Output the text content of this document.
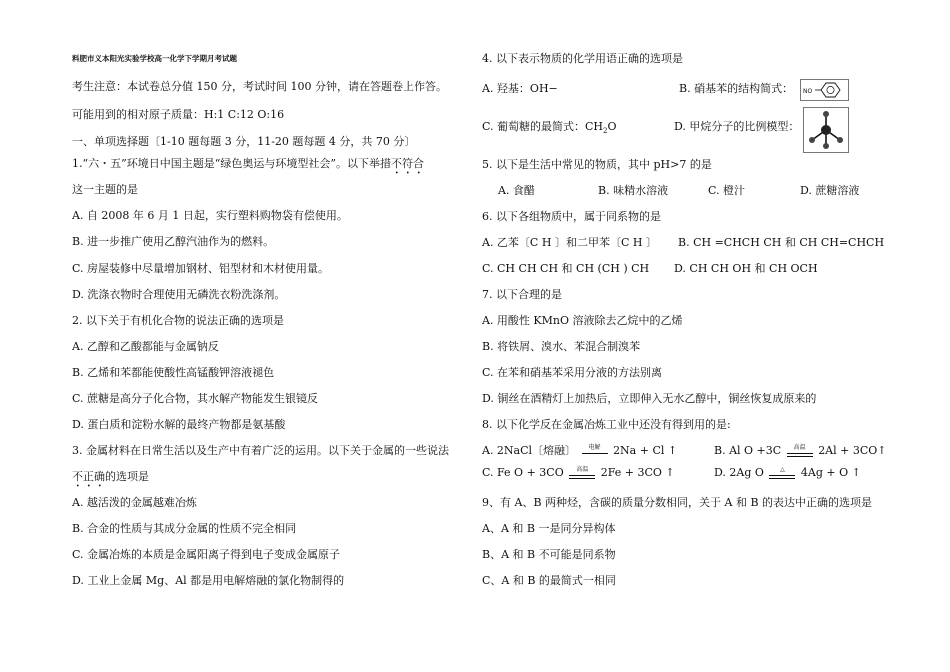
料肥市义本阳光实验学校高一化学下学期月考试题
考生注意：本试卷总分值 150 分，考试时间 100 分钟，请在答题卷上作答。
可能用到的相对原子质量：H:1 C:12 O:16
一、单项选择题〔1-10 题每题 3 分，11-20 题每题 4 分，共 70 分〕
1.“六・五”环境日中国主题是“绿色奥运与环境型社会”。以下举措不符合
这一主题的是
A. 自 2008 年 6 月 1 日起，实行塑料购物袋有偿使用。
B. 进一步推广使用乙醇汽油作为的燃料。
C. 房屋装修中尽量增加钢材、铝型材和木材使用量。
D. 洗涤衣物时合理使用无磷洗衣粉洗涤剂。
2. 以下关于有机化合物的说法正确的选项是
A. 乙醇和乙酸都能与金属钠反
B. 乙烯和苯都能使酸性高锰酸钾溶液褪色
C. 蔗糖是高分子化合物，其水解产物能发生银镜反
D. 蛋白质和淀粉水解的最终产物都是氨基酸
3. 金属材料在日常生活以及生产中有着广泛的运用。以下关于金属的一些说法
不正确的选项是
A. 越活泼的金属越难冶炼
B. 合金的性质与其成分金属的性质不完全相同
C. 金属冶炼的本质是金属阳离子得到电子变成金属原子
D. 工业上金属 Mg、Al 都是用电解熔融的氯化物制得的
4. 以下表示物质的化学用语正确的选项是
A. 羟基：OH−	B. 硝基苯的结构简式：
C. 葡萄糖的最简式：$CH_2O$	D. 甲烷分子的比例模型：
5. 以下是生活中常见的物质，其中 pH>7 的是
A. 食醋	B. 味精水溶液	C. 橙汁	D. 蔗糖溶液
6. 以下各组物质中，属于同系物的是
A. 乙苯〔C H 〕和二甲苯〔C H 〕 B. CH =CHCH CH 和 CH CH=CHCH
C. CH CH CH 和 CH (CH ) CH D. CH CH OH 和 CH OCH
7. 以下合理的是
A. 用酸性 KMnO 溶液除去乙烷中的乙烯
B. 将铁屑、溴水、苯混合制溴苯
C. 在苯和硝基苯采用分液的方法别离
D. 铜丝在酒精灯上加热后，立即伸入无水乙醇中，铜丝恢复成原来的
8. 以下化学反在金属冶炼工业中还没有得到用的是:
A. 2NaCl〔熔融〕 电解 2Na + Cl ↑	B. Al O +3C 高温 2Al + 3CO↑
C. Fe O + 3CO 高温 2Fe + 3CO ↑	D. 2Ag O	△ 4Ag + O ↑
9、有 A、B 两种烃，含碳的质量分数相同，关于 A 和 B 的表达中正确的选项是
A、A 和 B 一是同分异构体
B、A 和 B 不可能是同系物
C、A 和 B 的最简式一相同
NO
